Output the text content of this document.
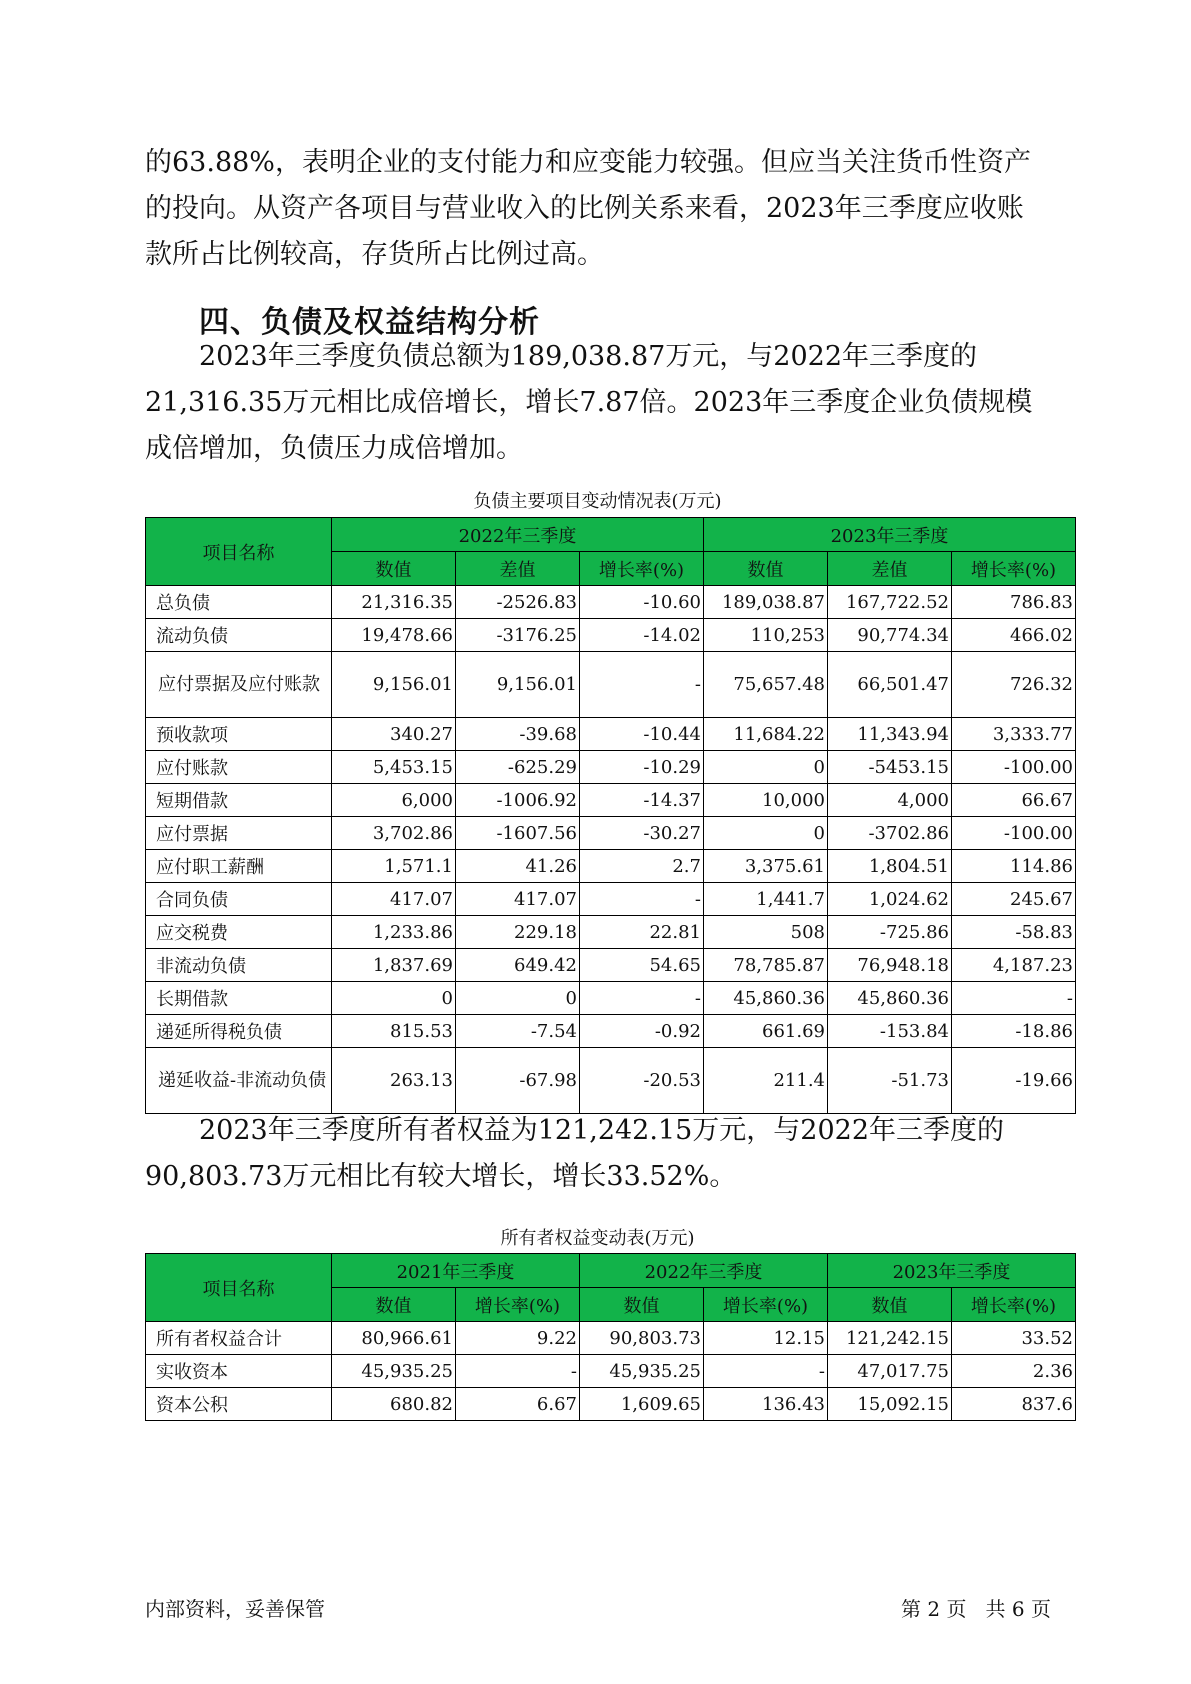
的63.88%，表明企业的支付能力和应变能力较强。但应当关注货币性资产

的投向。从资产各项目与营业收入的比例关系来看，2023年三季度应收账

款所占比例较高，存货所占比例过高。

四、负债及权益结构分析

2023年三季度负债总额为189,038.87万元，与2022年三季度的21,316.35万元相比成倍增长，增长7.87倍。2023年三季度企业负债规模成倍增加，负债压力成倍增加。

负债主要项目变动情况表(万元)

项目名称	2022年三季度			2023年三季度		
	数值	差值	增长率(%)	数值	差值	增长率(%)
总负债	21,316.35	-2526.83	-10.60	189,038.87	167,722.52	786.83
流动负债	19,478.66	-3176.25	-14.02	110,253	90,774.34	466.02
应付票据及应付账款	9,156.01	9,156.01	-	75,657.48	66,501.47	726.32
预收款项	340.27	-39.68	-10.44	11,684.22	11,343.94	3,333.77
应付账款	5,453.15	-625.29	-10.29	0	-5453.15	-100.00
短期借款	6,000	-1006.92	-14.37	10,000	4,000	66.67
应付票据	3,702.86	-1607.56	-30.27	0	-3702.86	-100.00
应付职工薪酬	1,571.1	41.26	2.7	3,375.61	1,804.51	114.86
合同负债	417.07	417.07	-	1,441.7	1,024.62	245.67
应交税费	1,233.86	229.18	22.81	508	-725.86	-58.83
非流动负债	1,837.69	649.42	54.65	78,785.87	76,948.18	4,187.23
长期借款	0	0	-	45,860.36	45,860.36	-
递延所得税负债	815.53	-7.54	-0.92	661.69	-153.84	-18.86
递延收益-非流动负债	263.13	-67.98	-20.53	211.4	-51.73	-19.66

2023年三季度所有者权益为121,242.15万元，与2022年三季度的90,803.73万元相比有较大增长，增长33.52%。

所有者权益变动表(万元)

项目名称	2021年三季度		2022年三季度		2023年三季度	
	数值	增长率(%)	数值	增长率(%)	数值	增长率(%)
所有者权益合计	80,966.61	9.22	90,803.73	12.15	121,242.15	33.52
实收资本	45,935.25	-	45,935.25	-	47,017.75	2.36
资本公积	680.82	6.67	1,609.65	136.43	15,092.15	837.6

内部资料，妥善保管	第 2 页   共 6 页
